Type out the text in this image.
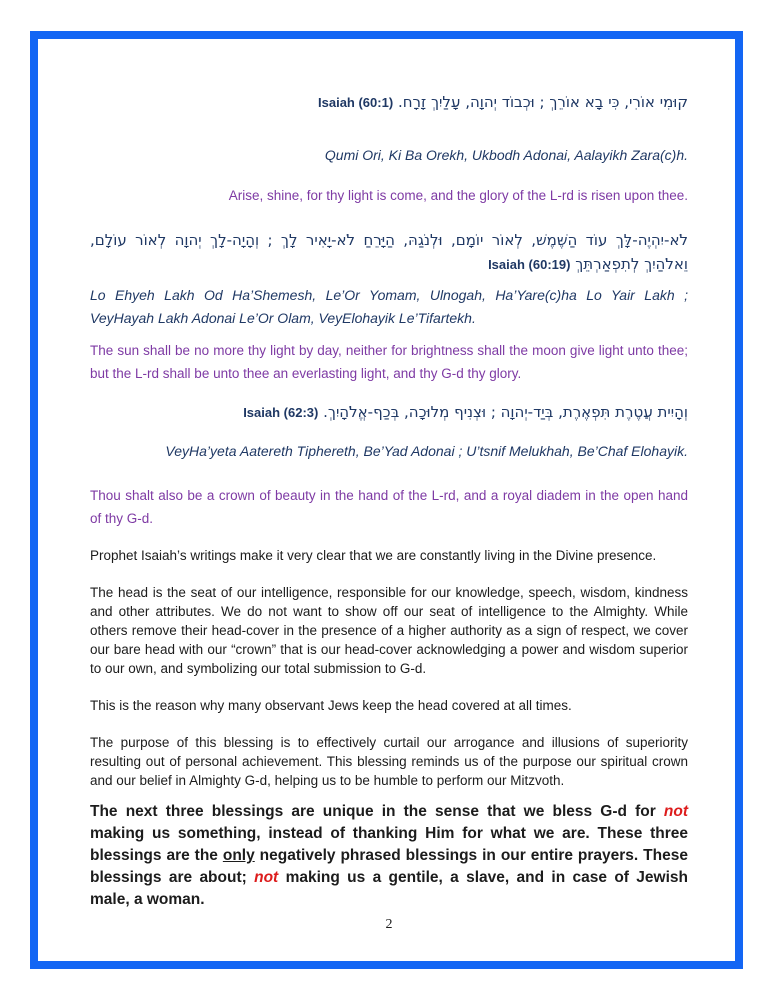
קוּמִי אוֹרִי, כִּי בָא אוֹרֵךְ ; וּכְבוֹד יְהוָה, עָלַיִךְ זָרָח. Isaiah (60:1)
Qumi Ori, Ki Ba Orekh, Ukbodh Adonai, Aalayikh Zara(c)h.
Arise, shine, for thy light is come, and the glory of the L-rd is risen upon thee.
לֹא-יִהְיֶה-לָּךְ עוֹד הַשֶּׁמֶשׁ, לְאוֹר יוֹמָם, וּלְנֹגַהּ, הַיָּרֵחַ לֹא-יָאִיר לָךְ ; וְהָיָה-לָךְ יְהוָה לְאוֹר עוֹלָם, וֵאלֹהַיִךְ לְתִפְאַרְתֵּךְ Isaiah (60:19)
Lo Ehyeh Lakh Od Ha’Shemesh, Le’Or Yomam, Ulnogah, Ha’Yare(c)ha Lo Yair Lakh ; VeyHayah Lakh Adonai Le’Or Olam, VeyElohayik Le’Tifartekh.
The sun shall be no more thy light by day, neither for brightness shall the moon give light unto thee; but the L-rd shall be unto thee an everlasting light, and thy G-d thy glory.
וְהָיִית עֲטֶרֶת תִּפְאֶרֶת, בְּיַד-יְהוָה ; וּצְנִיף מְלוּכָה, בְּכַף-אֱלֹהָיִךְ. Isaiah (62:3)
VeyHa’yeta Aatereth Tiphereth, Be’Yad Adonai ; U’tsnif Melukhah, Be’Chaf Elohayik.
Thou shalt also be a crown of beauty in the hand of the L-rd, and a royal diadem in the open hand of thy G-d.
Prophet Isaiah’s writings make it very clear that we are constantly living in the Divine presence.
The head is the seat of our intelligence, responsible for our knowledge, speech, wisdom, kindness and other attributes. We do not want to show off our seat of intelligence to the Almighty. While others remove their head-cover in the presence of a higher authority as a sign of respect, we cover our bare head with our “crown” that is our head-cover acknowledging a power and wisdom superior to our own, and symbolizing our total submission to G-d.
This is the reason why many observant Jews keep the head covered at all times.
The purpose of this blessing is to effectively curtail our arrogance and illusions of superiority resulting out of personal achievement. This blessing reminds us of the purpose our spiritual crown and our belief in Almighty G-d, helping us to be humble to perform our Mitzvoth.
The next three blessings are unique in the sense that we bless G-d for not making us something, instead of thanking Him for what we are. These three blessings are the only negatively phrased blessings in our entire prayers. These blessings are about; not making us a gentile, a slave, and in case of Jewish male, a woman.
2
